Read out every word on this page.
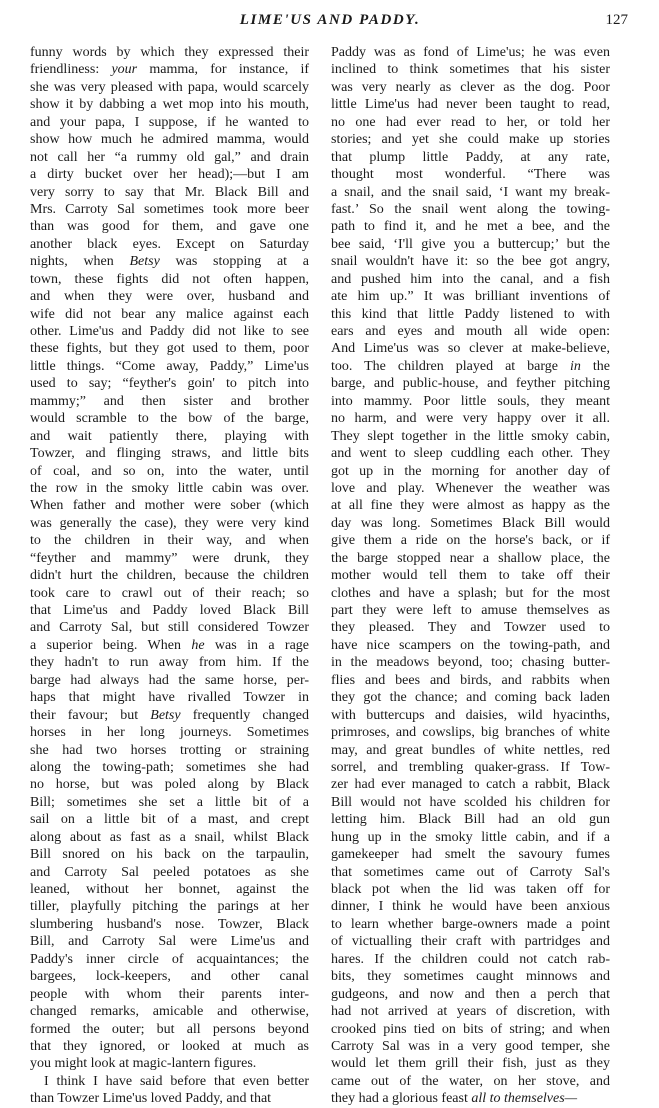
LIME'US AND PADDY.	127
funny words by which they expressed their
friendliness: your mamma, for instance, if
she was very pleased with papa, would scarcely
show it by dabbing a wet mop into his mouth,
and your papa, I suppose, if he wanted to
show how much he admired mamma, would
not call her “a rummy old gal,” and drain
a dirty bucket over her head);—but I am
very sorry to say that Mr. Black Bill and
Mrs. Carroty Sal sometimes took more beer
than was good for them, and gave one
another black eyes. Except on Saturday
nights, when Betsy was stopping at a
town, these fights did not often happen,
and when they were over, husband and
wife did not bear any malice against each
other. Lime'us and Paddy did not like to see
these fights, but they got used to them, poor
little things. “Come away, Paddy,” Lime'us
used to say; “feyther's goin' to pitch into
mammy;” and then sister and brother
would scramble to the bow of the barge,
and wait patiently there, playing with
Towzer, and flinging straws, and little bits
of coal, and so on, into the water, until
the row in the smoky little cabin was over.
When father and mother were sober (which
was generally the case), they were very kind
to the children in their way, and when
“feyther and mammy” were drunk, they
didn't hurt the children, because the children
took care to crawl out of their reach; so
that Lime'us and Paddy loved Black Bill
and Carroty Sal, but still considered Towzer
a superior being. When he was in a rage
they hadn't to run away from him. If the
barge had always had the same horse, per-
haps that might have rivalled Towzer in
their favour; but Betsy frequently changed
horses in her long journeys. Sometimes
she had two horses trotting or straining
along the towing-path; sometimes she had
no horse, but was poled along by Black
Bill; sometimes she set a little bit of a
sail on a little bit of a mast, and crept
along about as fast as a snail, whilst Black
Bill snored on his back on the tarpaulin,
and Carroty Sal peeled potatoes as she
leaned, without her bonnet, against the
tiller, playfully pitching the parings at her
slumbering husband's nose. Towzer, Black
Bill, and Carroty Sal were Lime'us and
Paddy's inner circle of acquaintances; the
bargees, lock-keepers, and other canal
people with whom their parents inter-
changed remarks, amicable and otherwise,
formed the outer; but all persons beyond
that they ignored, or looked at much as
you might look at magic-lantern figures.
I think I have said before that even better
than Towzer Lime'us loved Paddy, and that
Paddy was as fond of Lime'us; he was even
inclined to think sometimes that his sister
was very nearly as clever as the dog. Poor
little Lime'us had never been taught to read,
no one had ever read to her, or told her
stories; and yet she could make up stories
that plump little Paddy, at any rate,
thought most wonderful. “There was
a snail, and the snail said, ‘I want my break-
fast.’ So the snail went along the towing-
path to find it, and he met a bee, and the
bee said, ‘I'll give you a buttercup;’ but the
snail wouldn't have it: so the bee got angry,
and pushed him into the canal, and a fish
ate him up.” It was brilliant inventions of
this kind that little Paddy listened to with
ears and eyes and mouth all wide open:
And Lime'us was so clever at make-believe,
too. The children played at barge in the
barge, and public-house, and feyther pitching
into mammy. Poor little souls, they meant
no harm, and were very happy over it all.
They slept together in the little smoky cabin,
and went to sleep cuddling each other. They
got up in the morning for another day of
love and play. Whenever the weather was
at all fine they were almost as happy as the
day was long. Sometimes Black Bill would
give them a ride on the horse's back, or if
the barge stopped near a shallow place, the
mother would tell them to take off their
clothes and have a splash; but for the most
part they were left to amuse themselves as
they pleased. They and Towzer used to
have nice scampers on the towing-path, and
in the meadows beyond, too; chasing butter-
flies and bees and birds, and rabbits when
they got the chance; and coming back laden
with buttercups and daisies, wild hyacinths,
primroses, and cowslips, big branches of white
may, and great bundles of white nettles, red
sorrel, and trembling quaker-grass. If Tow-
zer had ever managed to catch a rabbit, Black
Bill would not have scolded his children for
letting him. Black Bill had an old gun
hung up in the smoky little cabin, and if a
gamekeeper had smelt the savoury fumes
that sometimes came out of Carroty Sal's
black pot when the lid was taken off for
dinner, I think he would have been anxious
to learn whether barge-owners made a point
of victualling their craft with partridges and
hares. If the children could not catch rab-
bits, they sometimes caught minnows and
gudgeons, and now and then a perch that
had not arrived at years of discretion, with
crooked pins tied on bits of string; and when
Carroty Sal was in a very good temper, she
would let them grill their fish, just as they
came out of the water, on her stove, and
they had a glorious feast all to themselves—
